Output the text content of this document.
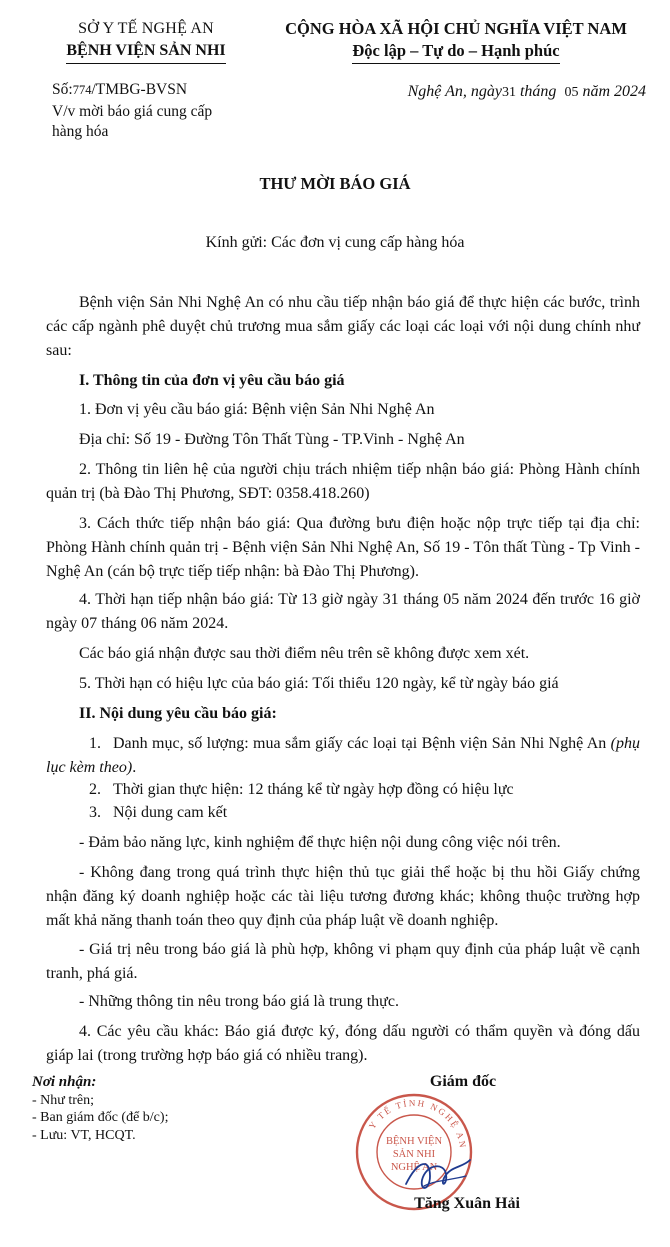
SỞ Y TẾ NGHỆ AN
BỆNH VIỆN SẢN NHI
CỘNG HÒA XÃ HỘI CHỦ NGHĨA VIỆT NAM
Độc lập – Tự do – Hạnh phúc
Số:774/TMBG-BVSN
V/v mời báo giá cung cấp
hàng hóa
Nghệ An, ngày31 tháng 05 năm 2024
THƯ MỜI BÁO GIÁ
Kính gửi: Các đơn vị cung cấp hàng hóa
Bệnh viện Sản Nhi Nghệ An có nhu cầu tiếp nhận báo giá để thực hiện các bước, trình các cấp ngành phê duyệt chủ trương mua sắm giấy các loại các loại với nội dung chính như sau:
I. Thông tin của đơn vị yêu cầu báo giá
1. Đơn vị yêu cầu báo giá: Bệnh viện Sản Nhi Nghệ An
Địa chỉ: Số 19 - Đường Tôn Thất Tùng - TP.Vinh - Nghệ An
2. Thông tin liên hệ của người chịu trách nhiệm tiếp nhận báo giá: Phòng Hành chính quản trị (bà Đào Thị Phương, SĐT: 0358.418.260)
3. Cách thức tiếp nhận báo giá: Qua đường bưu điện hoặc nộp trực tiếp tại địa chỉ: Phòng Hành chính quản trị - Bệnh viện Sản Nhi Nghệ An, Số 19 - Tôn thất Tùng - Tp Vinh - Nghệ An (cán bộ trực tiếp tiếp nhận: bà Đào Thị Phương).
4. Thời hạn tiếp nhận báo giá: Từ 13 giờ ngày 31 tháng 05 năm 2024 đến trước 16 giờ ngày 07 tháng 06 năm 2024.
Các báo giá nhận được sau thời điểm nêu trên sẽ không được xem xét.
5. Thời hạn có hiệu lực của báo giá: Tối thiểu 120 ngày, kể từ ngày báo giá
II. Nội dung yêu cầu báo giá:
1. Danh mục, số lượng: mua sắm giấy các loại tại Bệnh viện Sản Nhi Nghệ An (phụ lục kèm theo).
2. Thời gian thực hiện: 12 tháng kể từ ngày hợp đồng có hiệu lực
3. Nội dung cam kết
- Đảm bảo năng lực, kinh nghiệm để thực hiện nội dung công việc nói trên.
- Không đang trong quá trình thực hiện thủ tục giải thể hoặc bị thu hồi Giấy chứng nhận đăng ký doanh nghiệp hoặc các tài liệu tương đương khác; không thuộc trường hợp mất khả năng thanh toán theo quy định của pháp luật về doanh nghiệp.
- Giá trị nêu trong báo giá là phù hợp, không vi phạm quy định của pháp luật về cạnh tranh, phá giá.
- Những thông tin nêu trong báo giá là trung thực.
4. Các yêu cầu khác: Báo giá được ký, đóng dấu người có thẩm quyền và đóng dấu giáp lai (trong trường hợp báo giá có nhiều trang).
Nơi nhận:
- Như trên;
- Ban giám đốc (để b/c);
- Lưu: VT, HCQT.
Giám đốc
Y TẾ TỈNH NGHỆ AN
BỆNH VIỆN
SẢN NHI
NGHỆ AN
Tăng Xuân Hải
